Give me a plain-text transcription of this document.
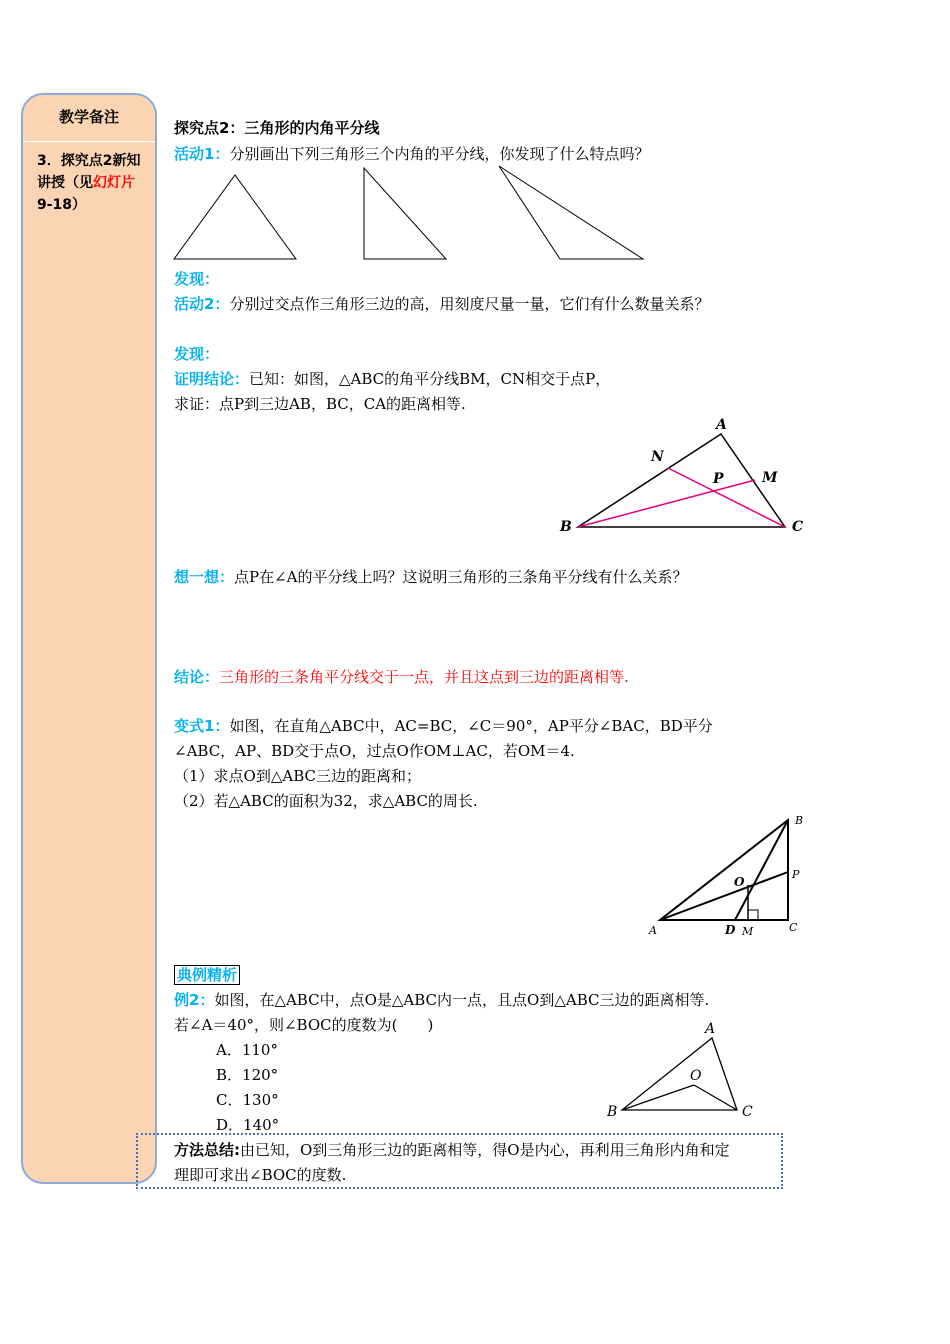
教学备注
3．探究点2新知讲授（见幻灯片9-18）
探究点2：三角形的内角平分线
活动1：分别画出下列三角形三个内角的平分线，你发现了什么特点吗？
发现：
活动2：分别过交点作三角形三边的高，用刻度尺量一量，它们有什么数量关系？
发现：
证明结论：已知：如图，△ABC的角平分线BM，CN相交于点P，
求证：点P到三边AB，BC，CA的距离相等.
A
N
P	M
B	C
想一想：点P在∠A的平分线上吗？这说明三角形的三条角平分线有什么关系？
结论：三角形的三条角平分线交于一点，并且这点到三边的距离相等.
变式1：如图，在直角△ABC中，AC=BC，∠C＝90°，AP平分∠BAC，BD平分
∠ABC，AP、BD交于点O，过点O作OM⊥AC，若OM＝4.
（1）求点O到△ABC三边的距离和；
（2）若△ABC的面积为32，求△ABC的周长.
B
P
O
A	D M	C
典例精析
例2：如图，在△ABC中，点O是△ABC内一点，且点O到△ABC三边的距离相等.
若∠A＝40°，则∠BOC的度数为(　　)
A．110°
B．120°
C．130°
D．140°
A
O
B	C
方法总结:由已知，O到三角形三边的距离相等，得O是内心，再利用三角形内角和定
理即可求出∠BOC的度数.
